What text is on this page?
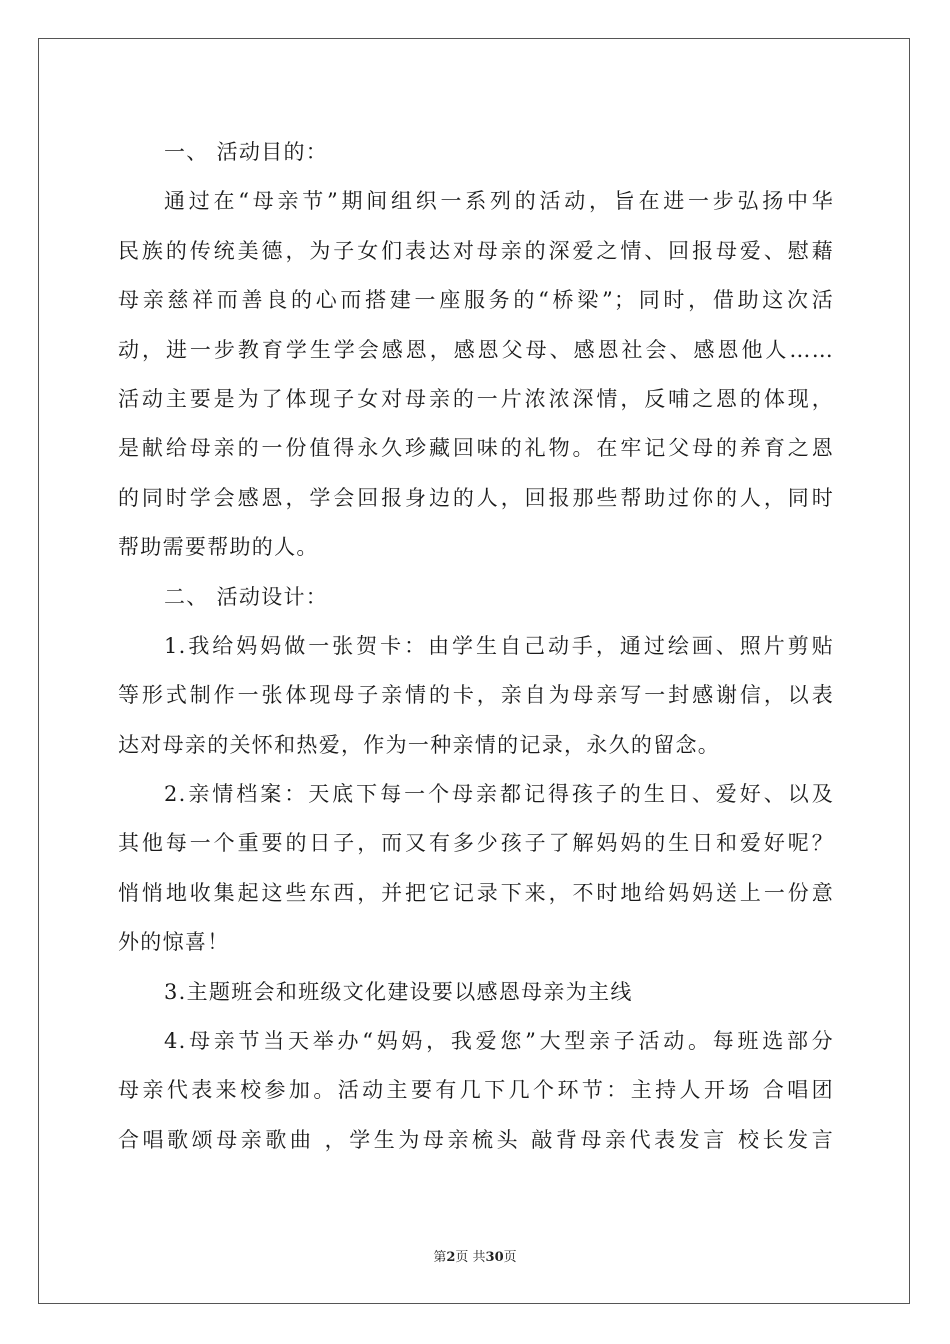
一、 活动目的：
通过在“母亲节”期间组织一系列的活动，旨在进一步弘扬中华
民族的传统美德，为子女们表达对母亲的深爱之情、回报母爱、慰藉
母亲慈祥而善良的心而搭建一座服务的“桥梁”；同时，借助这次活
动，进一步教育学生学会感恩，感恩父母、感恩社会、感恩他人……
活动主要是为了体现子女对母亲的一片浓浓深情，反哺之恩的体现，
是献给母亲的一份值得永久珍藏回味的礼物。在牢记父母的养育之恩
的同时学会感恩，学会回报身边的人，回报那些帮助过你的人，同时
帮助需要帮助的人。
二、 活动设计：
1.我给妈妈做一张贺卡：由学生自己动手，通过绘画、照片剪贴
等形式制作一张体现母子亲情的卡，亲自为母亲写一封感谢信，以表
达对母亲的关怀和热爱，作为一种亲情的记录，永久的留念。
2.亲情档案：天底下每一个母亲都记得孩子的生日、爱好、以及
其他每一个重要的日子，而又有多少孩子了解妈妈的生日和爱好呢？
悄悄地收集起这些东西，并把它记录下来，不时地给妈妈送上一份意
外的惊喜！
3.主题班会和班级文化建设要以感恩母亲为主线
4.母亲节当天举办“妈妈，我爱您”大型亲子活动。每班选部分
母亲代表来校参加。活动主要有几下几个环节：主持人开场 合唱团
合唱歌颂母亲歌曲 ，学生为母亲梳头 敲背母亲代表发言 校长发言
第2页 共30页
